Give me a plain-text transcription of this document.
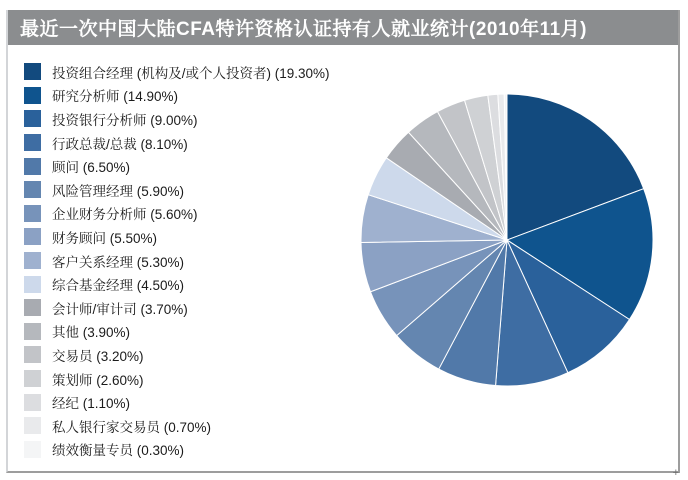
最近一次中国大陆CFA特许资格认证持有人就业统计(2010年11月)
投资组合经理 (机构及/或个人投资者) (19.30%)
研究分析师 (14.90%)
投资银行分析师 (9.00%)
行政总裁/总裁 (8.10%)
顾问 (6.50%)
风险管理经理 (5.90%)
企业财务分析师 (5.60%)
财务顾问 (5.50%)
客户关系经理 (5.30%)
综合基金经理 (4.50%)
会计师/审计司 (3.70%)
其他 (3.90%)
交易员 (3.20%)
策划师 (2.60%)
经纪 (1.10%)
私人银行家交易员 (0.70%)
绩效衡量专员 (0.30%)
+
